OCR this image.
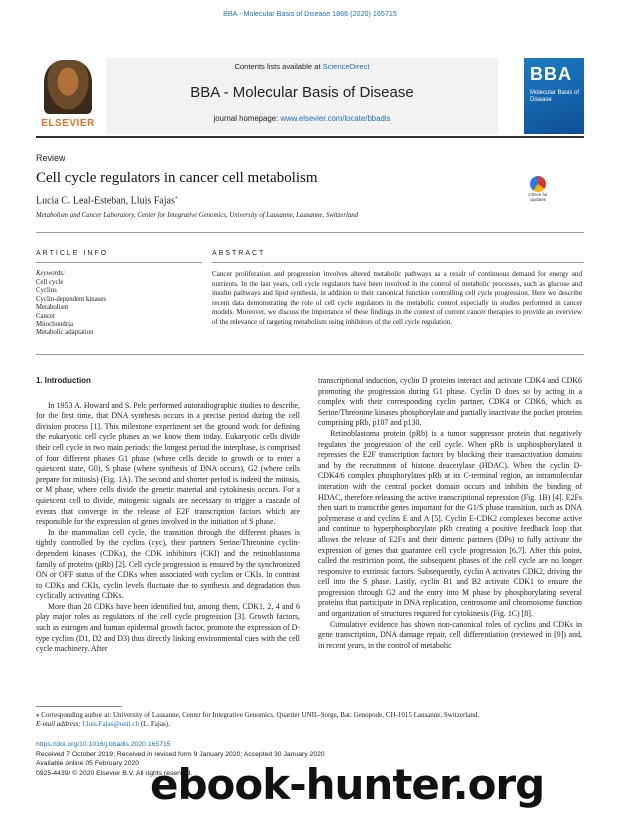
BBA - Molecular Basis of Disease 1866 (2020) 165715
ELSEVIER
Contents lists available at ScienceDirect
BBA - Molecular Basis of Disease
journal homepage: www.elsevier.com/locate/bbadis
BBA
Molecular Basis of Disease
Review
Cell cycle regulators in cancer cell metabolism
Lucia C. Leal-Esteban, Lluis Fajas⁎
Metabolism and Cancer Laboratory, Center for Integrative Genomics, University of Lausanne, Lausanne, Switzerland
Check for updates
ARTICLE INFO	ABSTRACT
Keywords:
Cell cycle
Cyclins
Cyclin-dependent kinases
Metabolism
Cancer
Mitochondria
Metabolic adaptation
Cancer proliferation and progression involves altered metabolic pathways as a result of continuous demand for energy and nutrients. In the last years, cell cycle regulators have been involved in the control of metabolic processes, such as glucose and insulin pathways and lipid synthesis, in addition to their canonical function controlling cell cycle progression. Here we describe recent data demonstrating the role of cell cycle regulators in the metabolic control especially in studies performed in cancer models. Moreover, we discuss the importance of these findings in the context of current cancer therapies to provide an overview of the relevance of targeting metabolism using inhibitors of the cell cycle regulation.
1. Introduction

In 1953 A. Howard and S. Pelc performed autoradiographic studies to describe, for the first time, that DNA synthesis occurs in a precise period during the cell division process [1]. This milestone experiment set the ground work for defining the eukaryotic cell cycle phases as we know them today. Eukaryotic cells divide their cell cycle in two main periods: the longest period the interphase, is comprised of four different phases G1 phase (where cells decide to growth or to enter a quiescent state, G0), S phase (where synthesis of DNA occurs), G2 (where cells prepare for mitosis) (Fig. 1A). The second and shorter period is indeed the mitosis, or M phase, where cells divide the genetic material and cytokinesis occurs. For a quiescent cell to divide, mitogenic signals are necessary to trigger a cascade of events that converge in the release of E2F transcription factors which are responsible for the expression of genes involved in the initiation of S phase.

In the mammalian cell cycle, the transition through the different phases is tightly controlled by the cyclins (cyc), their partners Serine/Threonine cyclin-dependent kinases (CDKs), the CDK inhibitors (CKI) and the retinoblastoma family of proteins (pRb) [2]. Cell cycle progression is ensured by the synchronized ON or OFF status of the CDKs when associated with cyclins or CKIs. In contrast to CDKs and CKIs, cyclin levels fluctuate due to synthesis and degradation thus cyclically activating CDKs.

More than 20 CDKs have been identified but, among them, CDK1, 2, 4 and 6 play major roles as regulators of the cell cycle progression [3]. Growth factors, such as estrogen and human epidermal growth factor, promote the expression of D-type cyclins (D1, D2 and D3) thus directly linking environmental cues with the cell cycle machinery. After

transcriptional induction, cyclin D proteins interact and activate CDK4 and CDK6 promoting the progression during G1 phase. Cyclin D does so by acting in a complex with their corresponding cyclin partner, CDK4 or CDK6, which as Serine/Threonine kinases phosphorylate and partially inactivate the pocket proteins comprising pRb, p107 and p130.

Retinoblastoma protein (pRb) is a tumor suppressor protein that negatively regulates the progression of the cell cycle. When pRb is unphosphorylated it represses the E2F transcription factors by blocking their transactivation domains and by the recruitment of histone deacetylase (HDAC). When the cyclin D-CDK4/6 complex phosphorylates pRb at its C-terminal region, an intramolecular interation with the central pocket domain occurs and inhibits the binding of HDAC, therefore releasing the active transcriptional repression (Fig. 1B) [4]. E2Fs then start to transcribe genes important for the G1/S phase transition, such as DNA polymerase α and cyclins E and A [5]. Cyclin E-CDK2 complexes become active and continue to hyperphosphorylate pRb creating a positive feedback loop that allows the release of E2Fs and their dimeric partners (DPs) to fully activate the expression of genes that guarantee cell cycle progression [6,7]. After this point, called the restriction point, the subsequent phases of the cell cycle are no longer responsive to extrinsic factors. Subsequently, cyclin A activates CDK2, driving the cell into the S phase. Lastly, cyclin B1 and B2 activate CDK1 to ensure the progression through G2 and the entry into M phase by phosphorylating several proteins that participate in DNA replication, centrosome and chromosome function and organization of structures required for cytokinesis (Fig. 1C) [8].

Cumulative evidence has shown non-canonical roles of cyclins and CDKs in gene transcription, DNA damage repair, cell differentiation (reviewed in [9]) and, in recent years, in the control of metabolic

⁎ Corresponding author at: University of Lausanne, Center for Integrative Genomics, Quartier UNIL-Sorge, Bat. Genopode, CH-1015 Lausanne, Switzerland.
E-mail address: Lluis.Fajas@unil.ch (L. Fajas).
https://doi.org/10.1016/j.bbadis.2020.165715
Received 7 October 2019; Received in revised form 9 January 2020; Accepted 30 January 2020
Available online 05 February 2020
0925-4439/ © 2020 Elsevier B.V. All rights reserved.
ebook-hunter.org
